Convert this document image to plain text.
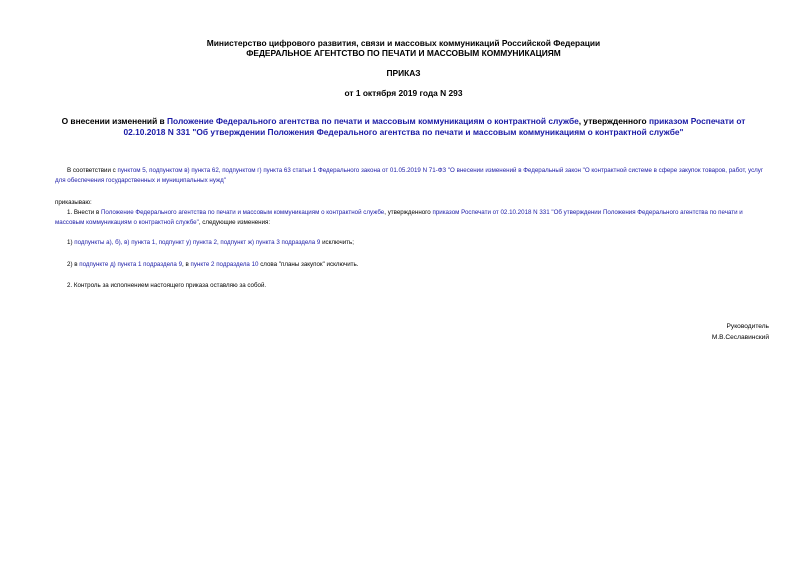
Министерство цифрового развития, связи и массовых коммуникаций Российской Федерации
ФЕДЕРАЛЬНОЕ АГЕНТСТВО ПО ПЕЧАТИ И МАССОВЫМ КОММУНИКАЦИЯМ
ПРИКАЗ
от 1 октября 2019 года N 293
О внесении изменений в Положение Федерального агентства по печати и массовым коммуникациям о контрактной службе, утвержденного приказом Роспечати от 02.10.2018 N 331 "Об утверждении Положения Федерального агентства по печати и массовым коммуникациям о контрактной службе"
В соответствии с пунктом 5, подпунктом в) пункта 62, подпунктом г) пункта 63 статьи 1 Федерального закона от 01.05.2019 N 71-ФЗ "О внесении изменений в Федеральный закон "О контрактной системе в сфере закупок товаров, работ, услуг для обеспечения государственных и муниципальных нужд"
приказываю:
1. Внести в Положение Федерального агентства по печати и массовым коммуникациям о контрактной службе, утвержденного приказом Роспечати от 02.10.2018 N 331 "Об утверждении Положения Федерального агентства по печати и массовым коммуникациям о контрактной службе", следующие изменения:
1) подпункты а), б), в) пункта 1, подпункт у) пункта 2, подпункт ж) пункта 3 подраздела 9 исключить;
2) в подпункте д) пункта 1 подраздела 9, в пункте 2 подраздела 10 слова "планы закупок" исключить.
2. Контроль за исполнением настоящего приказа оставляю за собой.
Руководитель
М.В.Сеславинский
